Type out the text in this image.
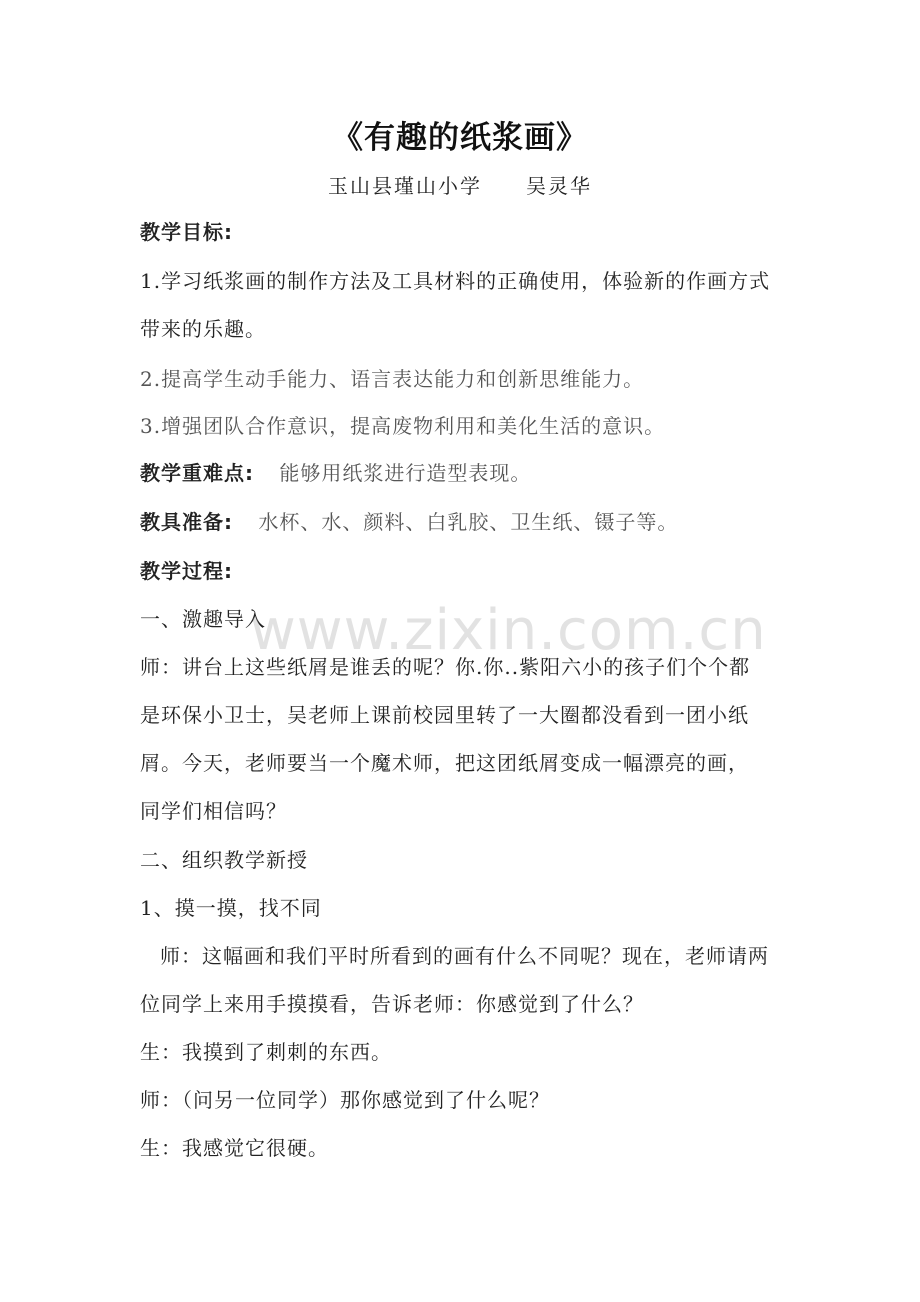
《有趣的纸浆画》
玉山县瑾山小学 吴灵华
教学目标:
1.学习纸浆画的制作方法及工具材料的正确使用，体验新的作画方式
带来的乐趣。
2.提高学生动手能力、语言表达能力和创新思维能力。
3.增强团队合作意识，提高废物利用和美化生活的意识。
教学重难点: 能够用纸浆进行造型表现。
教具准备: 水杯、水、颜料、白乳胶、卫生纸、镊子等。
教学过程:
一、激趣导入
师：讲台上这些纸屑是谁丢的呢？你.你..紫阳六小的孩子们个个都
是环保小卫士，吴老师上课前校园里转了一大圈都没看到一团小纸
屑。今天，老师要当一个魔术师，把这团纸屑变成一幅漂亮的画，
同学们相信吗？
二、组织教学新授
1、摸一摸，找不同
师：这幅画和我们平时所看到的画有什么不同呢？现在，老师请两
位同学上来用手摸摸看，告诉老师：你感觉到了什么？
生：我摸到了刺刺的东西。
师：（问另一位同学）那你感觉到了什么呢？
生：我感觉它很硬。
www.zixin.com.cn
